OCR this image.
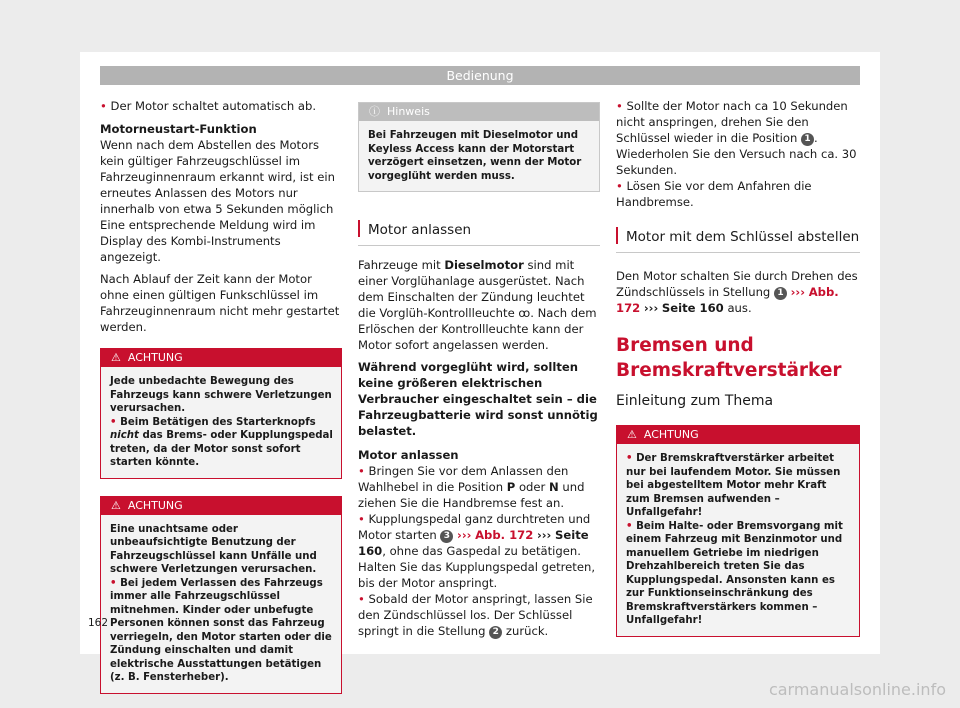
Bedienung

• Der Motor schaltet automatisch ab.

Motorneustart-Funktion

Wenn nach dem Abstellen des Motors kein gültiger Fahrzeugschlüssel im Fahrzeuginnenraum erkannt wird, ist ein erneutes Anlassen des Motors nur innerhalb von etwa 5 Sekunden möglich Eine entsprechende Meldung wird im Display des Kombi-Instruments angezeigt.

Nach Ablauf der Zeit kann der Motor ohne einen gültigen Funkschlüssel im Fahrzeuginnenraum nicht mehr gestartet werden.

⚠ ACHTUNG

Jede unbedachte Bewegung des Fahrzeugs kann schwere Verletzungen verursachen.

• Beim Betätigen des Starterknopfs nicht das Brems- oder Kupplungspedal treten, da der Motor sonst sofort starten könnte.

⚠ ACHTUNG

Eine unachtsame oder unbeaufsichtigte Benutzung der Fahrzeugschlüssel kann Unfälle und schwere Verletzungen verursachen.

• Bei jedem Verlassen des Fahrzeugs immer alle Fahrzeugschlüssel mitnehmen. Kinder oder unbefugte Personen können sonst das Fahrzeug verriegeln, den Motor starten oder die Zündung einschalten und damit elektrische Ausstattungen betätigen (z. B. Fensterheber).

ⓘ Hinweis
Bei Fahrzeugen mit Dieselmotor und Keyless Access kann der Motorstart verzögert einsetzen, wenn der Motor vorgeglüht werden muss.
Motor anlassen

Fahrzeuge mit Dieselmotor sind mit einer Vorglühanlage ausgerüstet. Nach dem Einschalten der Zündung leuchtet die Vorglüh-Kontrollleuchte ꝏ. Nach dem Erlöschen der Kontrollleuchte kann der Motor sofort angelassen werden.

Während vorgeglüht wird, sollten keine größeren elektrischen Verbraucher eingeschaltet sein – die Fahrzeugbatterie wird sonst unnötig belastet.

Motor anlassen

• Bringen Sie vor dem Anlassen den Wahlhebel in die Position P oder N und ziehen Sie die Handbremse fest an.

• Kupplungspedal ganz durchtreten und Motor starten 3 ››› Abb. 172 ››› Seite 160, ohne das Gaspedal zu betätigen. Halten Sie das Kupplungspedal getreten, bis der Motor anspringt.

• Sobald der Motor anspringt, lassen Sie den Zündschlüssel los. Der Schlüssel springt in die Stellung 2 zurück.

• Sollte der Motor nach ca 10 Sekunden nicht anspringen, drehen Sie den Schlüssel wieder in die Position 1 . Wiederholen Sie den Versuch nach ca. 30 Sekunden.

• Lösen Sie vor dem Anfahren die Handbremse.

Motor mit dem Schlüssel abstellen

Den Motor schalten Sie durch Drehen des Zündschlüssels in Stellung 1 ››› Abb. 172 ››› Seite 160 aus.

Bremsen und Bremskraftverstärker

Einleitung zum Thema

⚠ ACHTUNG

• Der Bremskraftverstärker arbeitet nur bei laufendem Motor. Sie müssen bei abgestelltem Motor mehr Kraft zum Bremsen aufwenden – Unfallgefahr!

• Beim Halte- oder Bremsvorgang mit einem Fahrzeug mit Benzinmotor und manuellem Getriebe im niedrigen Drehzahlbereich treten Sie das Kupplungspedal. Ansonsten kann es zur Funktionseinschränkung des Bremskraftverstärkers kommen – Unfallgefahr!

162
carmanualsonline.info
